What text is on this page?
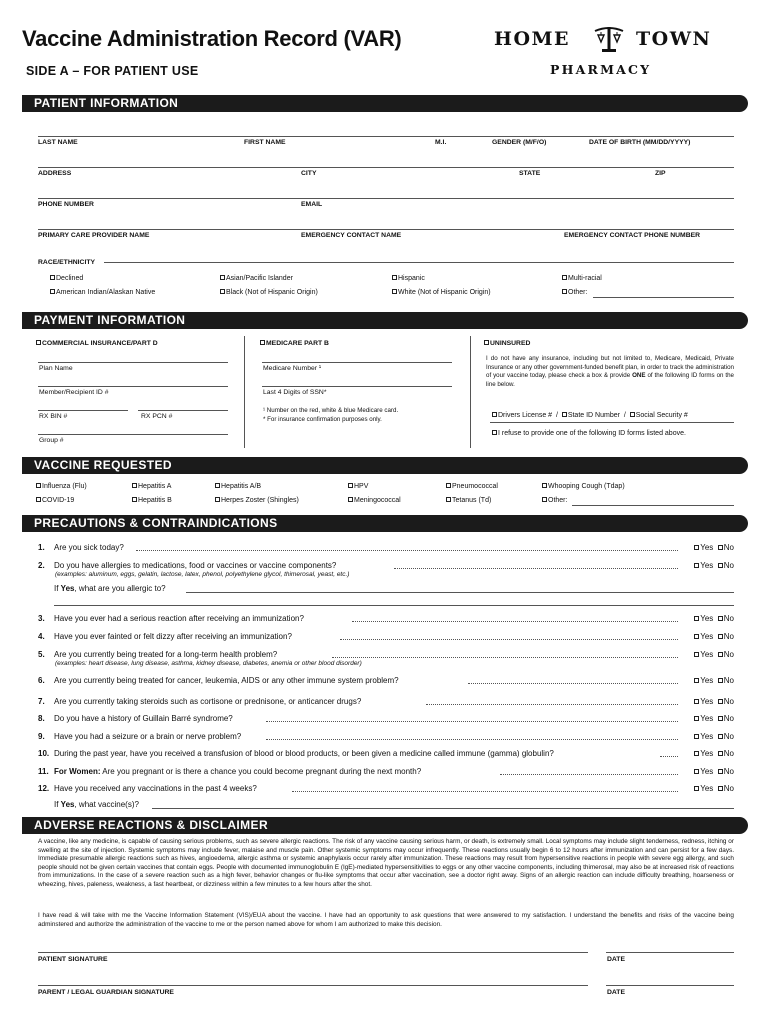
Vaccine Administration Record (VAR)
SIDE A – FOR PATIENT USE
HOME	TOWN
PHARMACY
PATIENT INFORMATION
LAST NAME	FIRST NAME	M.I.	GENDER (M/F/O)	DATE OF BIRTH (MM/DD/YYYY)
ADDRESS	CITY	STATE	ZIP
PHONE NUMBER	EMAIL
PRIMARY CARE PROVIDER NAME	EMERGENCY CONTACT NAME	EMERGENCY CONTACT PHONE NUMBER
RACE/ETHNICITY
Declined	Asian/Pacific Islander	Hispanic	Multi-racial
American Indian/Alaskan Native	Black (Not of Hispanic Origin)	White (Not of Hispanic Origin)	Other:
PAYMENT INFORMATION
COMMERCIAL INSURANCE/PART D
Plan Name
Member/Recipient ID #
RX BIN #	RX PCN #
Group #
MEDICARE PART B
Medicare Number ¹
Last 4 Digits of SSN*
¹ Number on the red, white & blue Medicare card.
* For insurance confirmation purposes only.
UNINSURED
I do not have any insurance, including but not limited to, Medicare, Medicaid, Private Insurance or any other government-funded benefit plan, in order to track the administration of your vaccine today, please check a box & provide ONE of the following ID forms on the line below.
Drivers License #  /  State ID Number  /  Social Security #
I refuse to provide one of the following ID forms listed above.
VACCINE REQUESTED
Influenza (Flu)	Hepatitis A	Hepatitis A/B	HPV	Pneumococcal	Whooping Cough (Tdap)
COVID-19	Hepatitis B	Herpes Zoster (Shingles)	Meningococcal	Tetanus (Td)	Other:
PRECAUTIONS & CONTRAINDICATIONS
1. Are you sick today?	Yes No
2. Do you have allergies to medications, food or vaccines or vaccine components?	Yes No
(examples: aluminum, eggs, gelatin, lactose, latex, phenol, polyethylene glycol, thimerosal, yeast, etc.)
If Yes, what are you allergic to?
3. Have you ever had a serious reaction after receiving an immunization?	Yes No
4. Have you ever fainted or felt dizzy after receiving an immunization?	Yes No
5. Are you currently being treated for a long-term health problem?	Yes No
(examples: heart disease, lung disease, asthma, kidney disease, diabetes, anemia or other blood disorder)
6. Are you currently being treated for cancer, leukemia, AIDS or any other immune system problem?	Yes No
7. Are you currently taking steroids such as cortisone or prednisone, or anticancer drugs?	Yes No
8. Do you have a history of Guillain Barré syndrome?	Yes No
9. Have you had a seizure or a brain or nerve problem?	Yes No
10. During the past year, have you received a transfusion of blood or blood products, or been given a medicine called immune (gamma) globulin?	Yes No
11. For Women: Are you pregnant or is there a chance you could become pregnant during the next month?	Yes No
12. Have you received any vaccinations in the past 4 weeks?	Yes No
If Yes, what vaccine(s)?
ADVERSE REACTIONS & DISCLAIMER
A vaccine, like any medicine, is capable of causing serious problems, such as severe allergic reactions. The risk of any vaccine causing serious harm, or death, is extremely small. Local symptoms may include slight tenderness, redness, itching or swelling at the site of injection. Systemic symptoms may include fever, malaise and muscle pain. Other systemic symptoms may occur infrequently. These reactions usually begin 6 to 12 hours after immunization and can persist for a few days. Immediate presumable allergic reactions such as hives, angioedema, allergic asthma or systemic anaphylaxis occur rarely after immunization. These reactions may result from hypersensitive reactions in people with severe egg allergy, and such people should not be given certain vaccines that contain eggs. People with documented immunoglobulin E (IgE)-mediated hypersensitivities to eggs or any other vaccine components, including thimerosal, may also be at increased risk of reactions from immunizations. In the case of a severe reaction such as a high fever, behavior changes or flu-like symptoms that occur after vaccination, see a doctor right away. Signs of an allergic reaction can include difficulty breathing, hoarseness or wheezing, hives, paleness, weakness, a fast heartbeat, or dizziness within a few minutes to a few hours after the shot.
I have read & will take with me the Vaccine Information Statement (VIS)/EUA about the vaccine. I have had an opportunity to ask questions that were answered to my satisfaction. I understand the benefits and risks of the vaccine being adminstered and authorize the administration of the vaccine to me or the person named above for whom I am authorized to make this decision.
PATIENT SIGNATURE	DATE
PARENT / LEGAL GUARDIAN SIGNATURE	DATE
